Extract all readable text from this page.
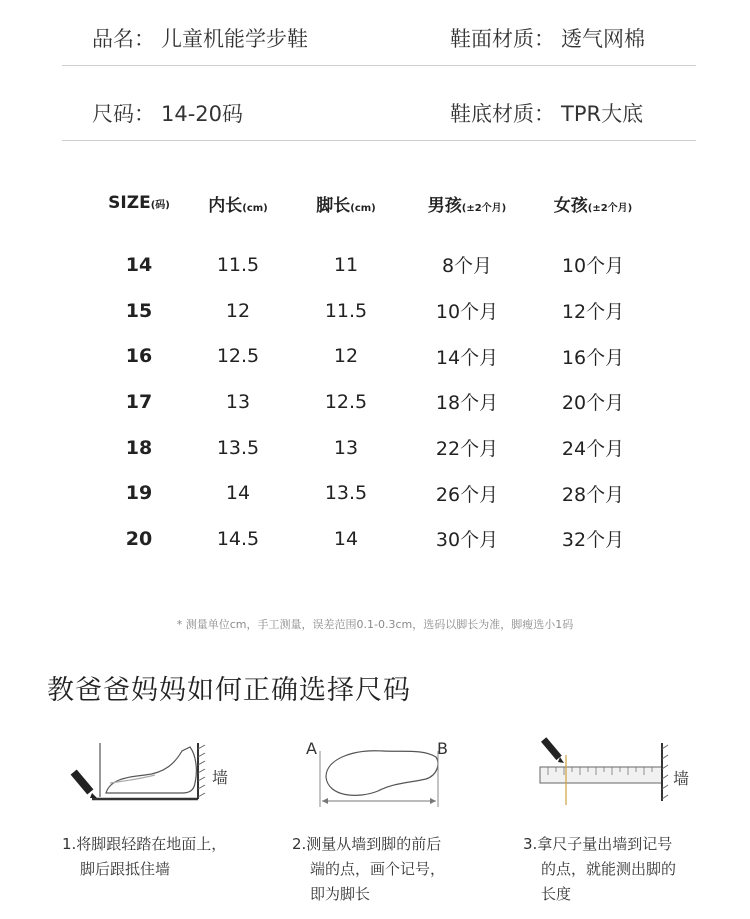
品名： 儿童机能学步鞋	鞋面材质： 透气网棉
尺码： 14-20码	鞋底材质： TPR大底
SIZE(码)	内长(cm)	脚长(cm)	男孩(±2个月)	女孩(±2个月)
14	11.5	11	8个月	10个月
15	12	11.5	10个月	12个月
16	12.5	12	14个月	16个月
17	13	12.5	18个月	20个月
18	13.5	13	22个月	24个月
19	14	13.5	26个月	28个月
20	14.5	14	30个月	32个月
* 测量单位cm，手工测量，误差范围0.1-0.3cm，选码以脚长为准，脚瘦选小1码
教爸爸妈妈如何正确选择尺码
墙
A	B
墙
1.将脚跟轻踏在地面上，
脚后跟抵住墙
2.测量从墙到脚的前后
端的点，画个记号，
即为脚长
3.拿尺子量出墙到记号
的点，就能测出脚的
长度
